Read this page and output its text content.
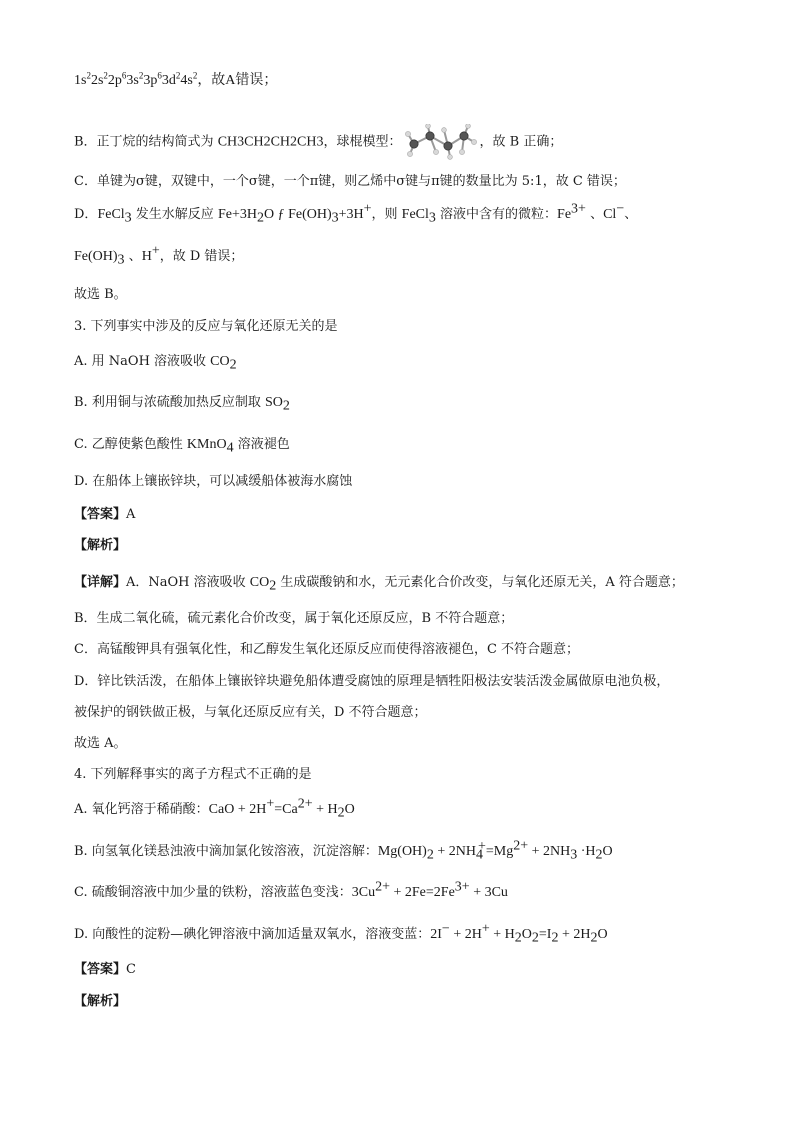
$1s^22s^22p^63s^23p^63d^24s^2$，故A错误；
B．正丁烷的结构简式为 CH3CH2CH2CH3，球棍模型：	，故 B 正确；
C．单键为σ键，双键中，一个σ键，一个π键，则乙烯中σ键与π键的数量比为 5:1，故 C 错误；
D．FeCl$_3$ 发生水解反应 $Fe+3H_2O$ ƒ $Fe(OH)_3+3H^+$，则 FeCl$_3$ 溶液中含有的微粒：$Fe^{3+}$ 、Cl−、
$Fe(OH)_3$ 、H+，故 D 错误；
故选 B。
3. 下列事实中涉及的反应与氧化还原无关的是
A. 用 NaOH 溶液吸收 $CO_2$
B. 利用铜与浓硫酸加热反应制取 $SO_2$
C. 乙醇使紫色酸性 KMnO$_4$ 溶液褪色
D. 在船体上镶嵌锌块，可以减缓船体被海水腐蚀
【答案】A
【解析】
【详解】A．NaOH 溶液吸收 $CO_2$ 生成碳酸钠和水，无元素化合价改变，与氧化还原无关，A 符合题意；
B．生成二氧化硫，硫元素化合价改变，属于氧化还原反应，B 不符合题意；
C．高锰酸钾具有强氧化性，和乙醇发生氧化还原反应而使得溶液褪色，C 不符合题意；
D．锌比铁活泼，在船体上镶嵌锌块避免船体遭受腐蚀的原理是牺牲阳极法安装活泼金属做原电池负极，
被保护的钢铁做正极，与氧化还原反应有关，D 不符合题意；
故选 A。
4. 下列解释事实的离子方程式不正确的是
A. 氧化钙溶于稀硝酸：CaO + $2H^+=Ca^{2+} + H_2O$
B. 向氢氧化镁悬浊液中滴加氯化铵溶液，沉淀溶解：$Mg(OH)_2 + 2NH_4^+=Mg^{2+} + 2NH_3 \cdot H_2O$
C. 硫酸铜溶液中加少量的铁粉，溶液蓝色变浅：$3Cu^{2+} + 2Fe=2Fe^{3+} + 3Cu$
D. 向酸性的淀粉—碘化钾溶液中滴加适量双氧水，溶液变蓝：$2I^- + 2H^+ + H_2O_2=I_2 + 2H_2O$
【答案】C
【解析】
